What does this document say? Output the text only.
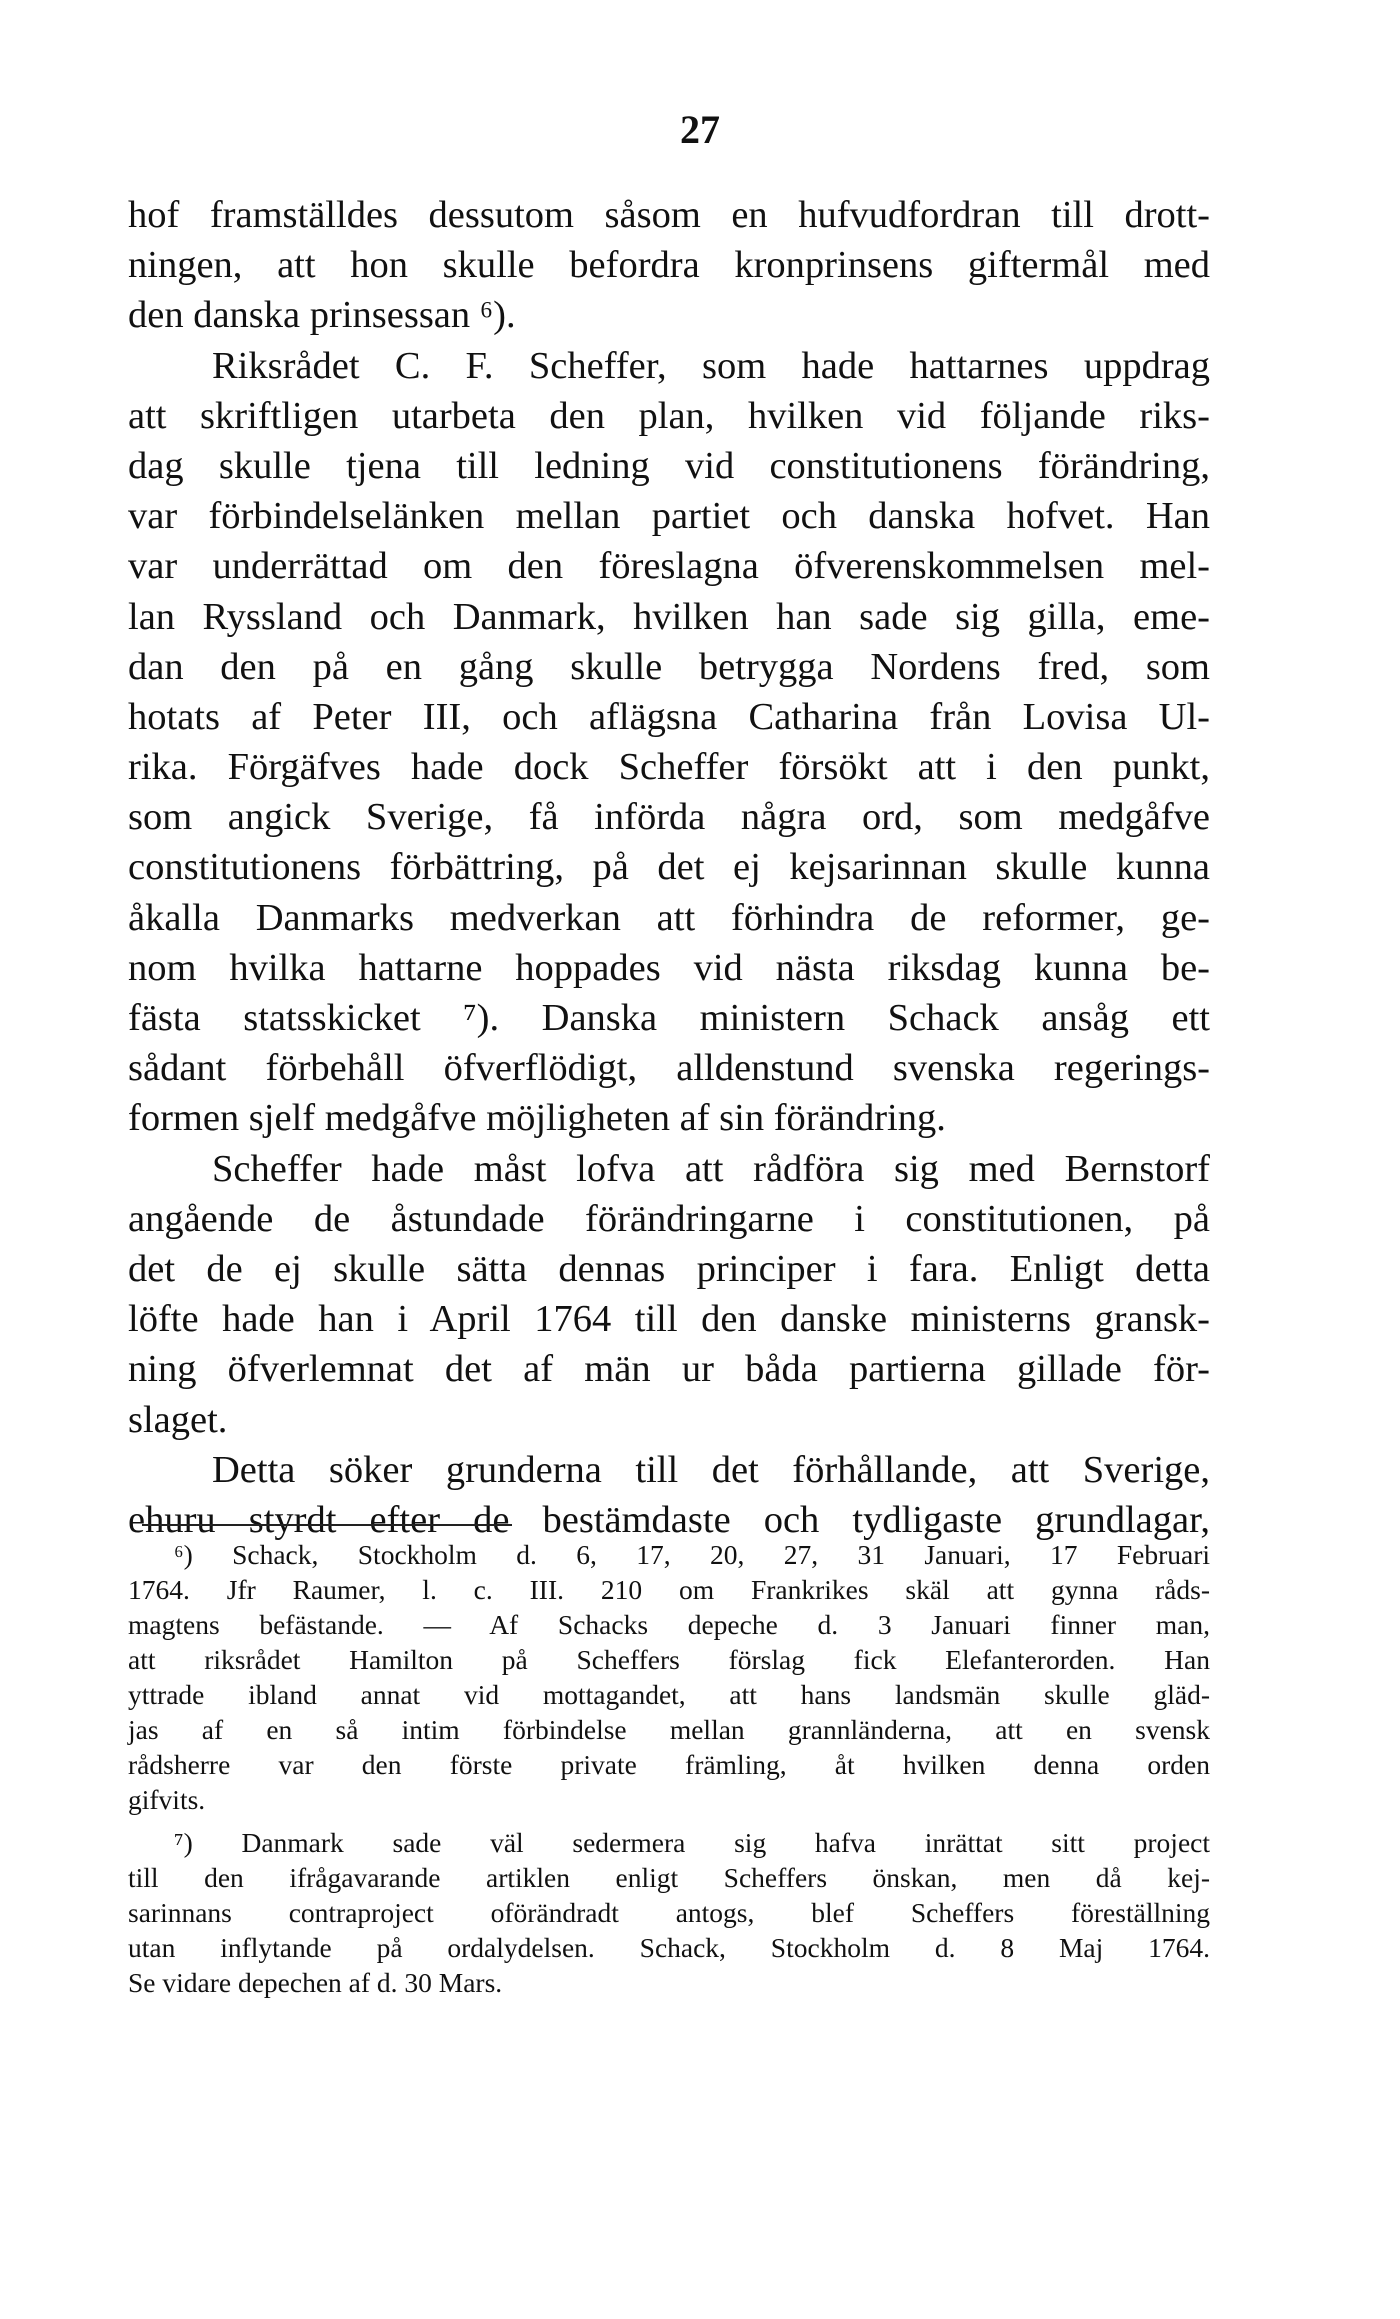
27
hof framställdes dessutom såsom en hufvudfordran till drott-
ningen, att hon skulle befordra kronprinsens giftermål med
den danska prinsessan ⁶).
Riksrådet C. F. Scheffer, som hade hattarnes uppdrag
att skriftligen utarbeta den plan, hvilken vid följande riks-
dag skulle tjena till ledning vid constitutionens förändring,
var förbindelselänken mellan partiet och danska hofvet. Han
var underrättad om den föreslagna öfverenskommelsen mel-
lan Ryssland och Danmark, hvilken han sade sig gilla, eme-
dan den på en gång skulle betrygga Nordens fred, som
hotats af Peter III, och aflägsna Catharina från Lovisa Ul-
rika. Förgäfves hade dock Scheffer försökt att i den punkt,
som angick Sverige, få införda några ord, som medgåfve
constitutionens förbättring, på det ej kejsarinnan skulle kunna
åkalla Danmarks medverkan att förhindra de reformer, ge-
nom hvilka hattarne hoppades vid nästa riksdag kunna be-
fästa statsskicket ⁷). Danska ministern Schack ansåg ett
sådant förbehåll öfverflödigt, alldenstund svenska regerings-
formen sjelf medgåfve möjligheten af sin förändring.
Scheffer hade måst lofva att rådföra sig med Bernstorf
angående de åstundade förändringarne i constitutionen, på
det de ej skulle sätta dennas principer i fara. Enligt detta
löfte hade han i April 1764 till den danske ministerns gransk-
ning öfverlemnat det af män ur båda partierna gillade för-
slaget.
Detta söker grunderna till det förhållande, att Sverige,
ehuru styrdt efter de bestämdaste och tydligaste grundlagar,
⁶) Schack, Stockholm d. 6, 17, 20, 27, 31 Januari, 17 Februari
1764. Jfr Raumer, l. c. III. 210 om Frankrikes skäl att gynna råds-
magtens befästande. — Af Schacks depeche d. 3 Januari finner man,
att riksrådet Hamilton på Scheffers förslag fick Elefanterorden. Han
yttrade ibland annat vid mottagandet, att hans landsmän skulle gläd-
jas af en så intim förbindelse mellan grannländerna, att en svensk
rådsherre var den förste private främling, åt hvilken denna orden
gifvits.
⁷) Danmark sade väl sedermera sig hafva inrättat sitt project
till den ifrågavarande artiklen enligt Scheffers önskan, men då kej-
sarinnans contraproject oförändradt antogs, blef Scheffers föreställning
utan inflytande på ordalydelsen. Schack, Stockholm d. 8 Maj 1764.
Se vidare depechen af d. 30 Mars.
